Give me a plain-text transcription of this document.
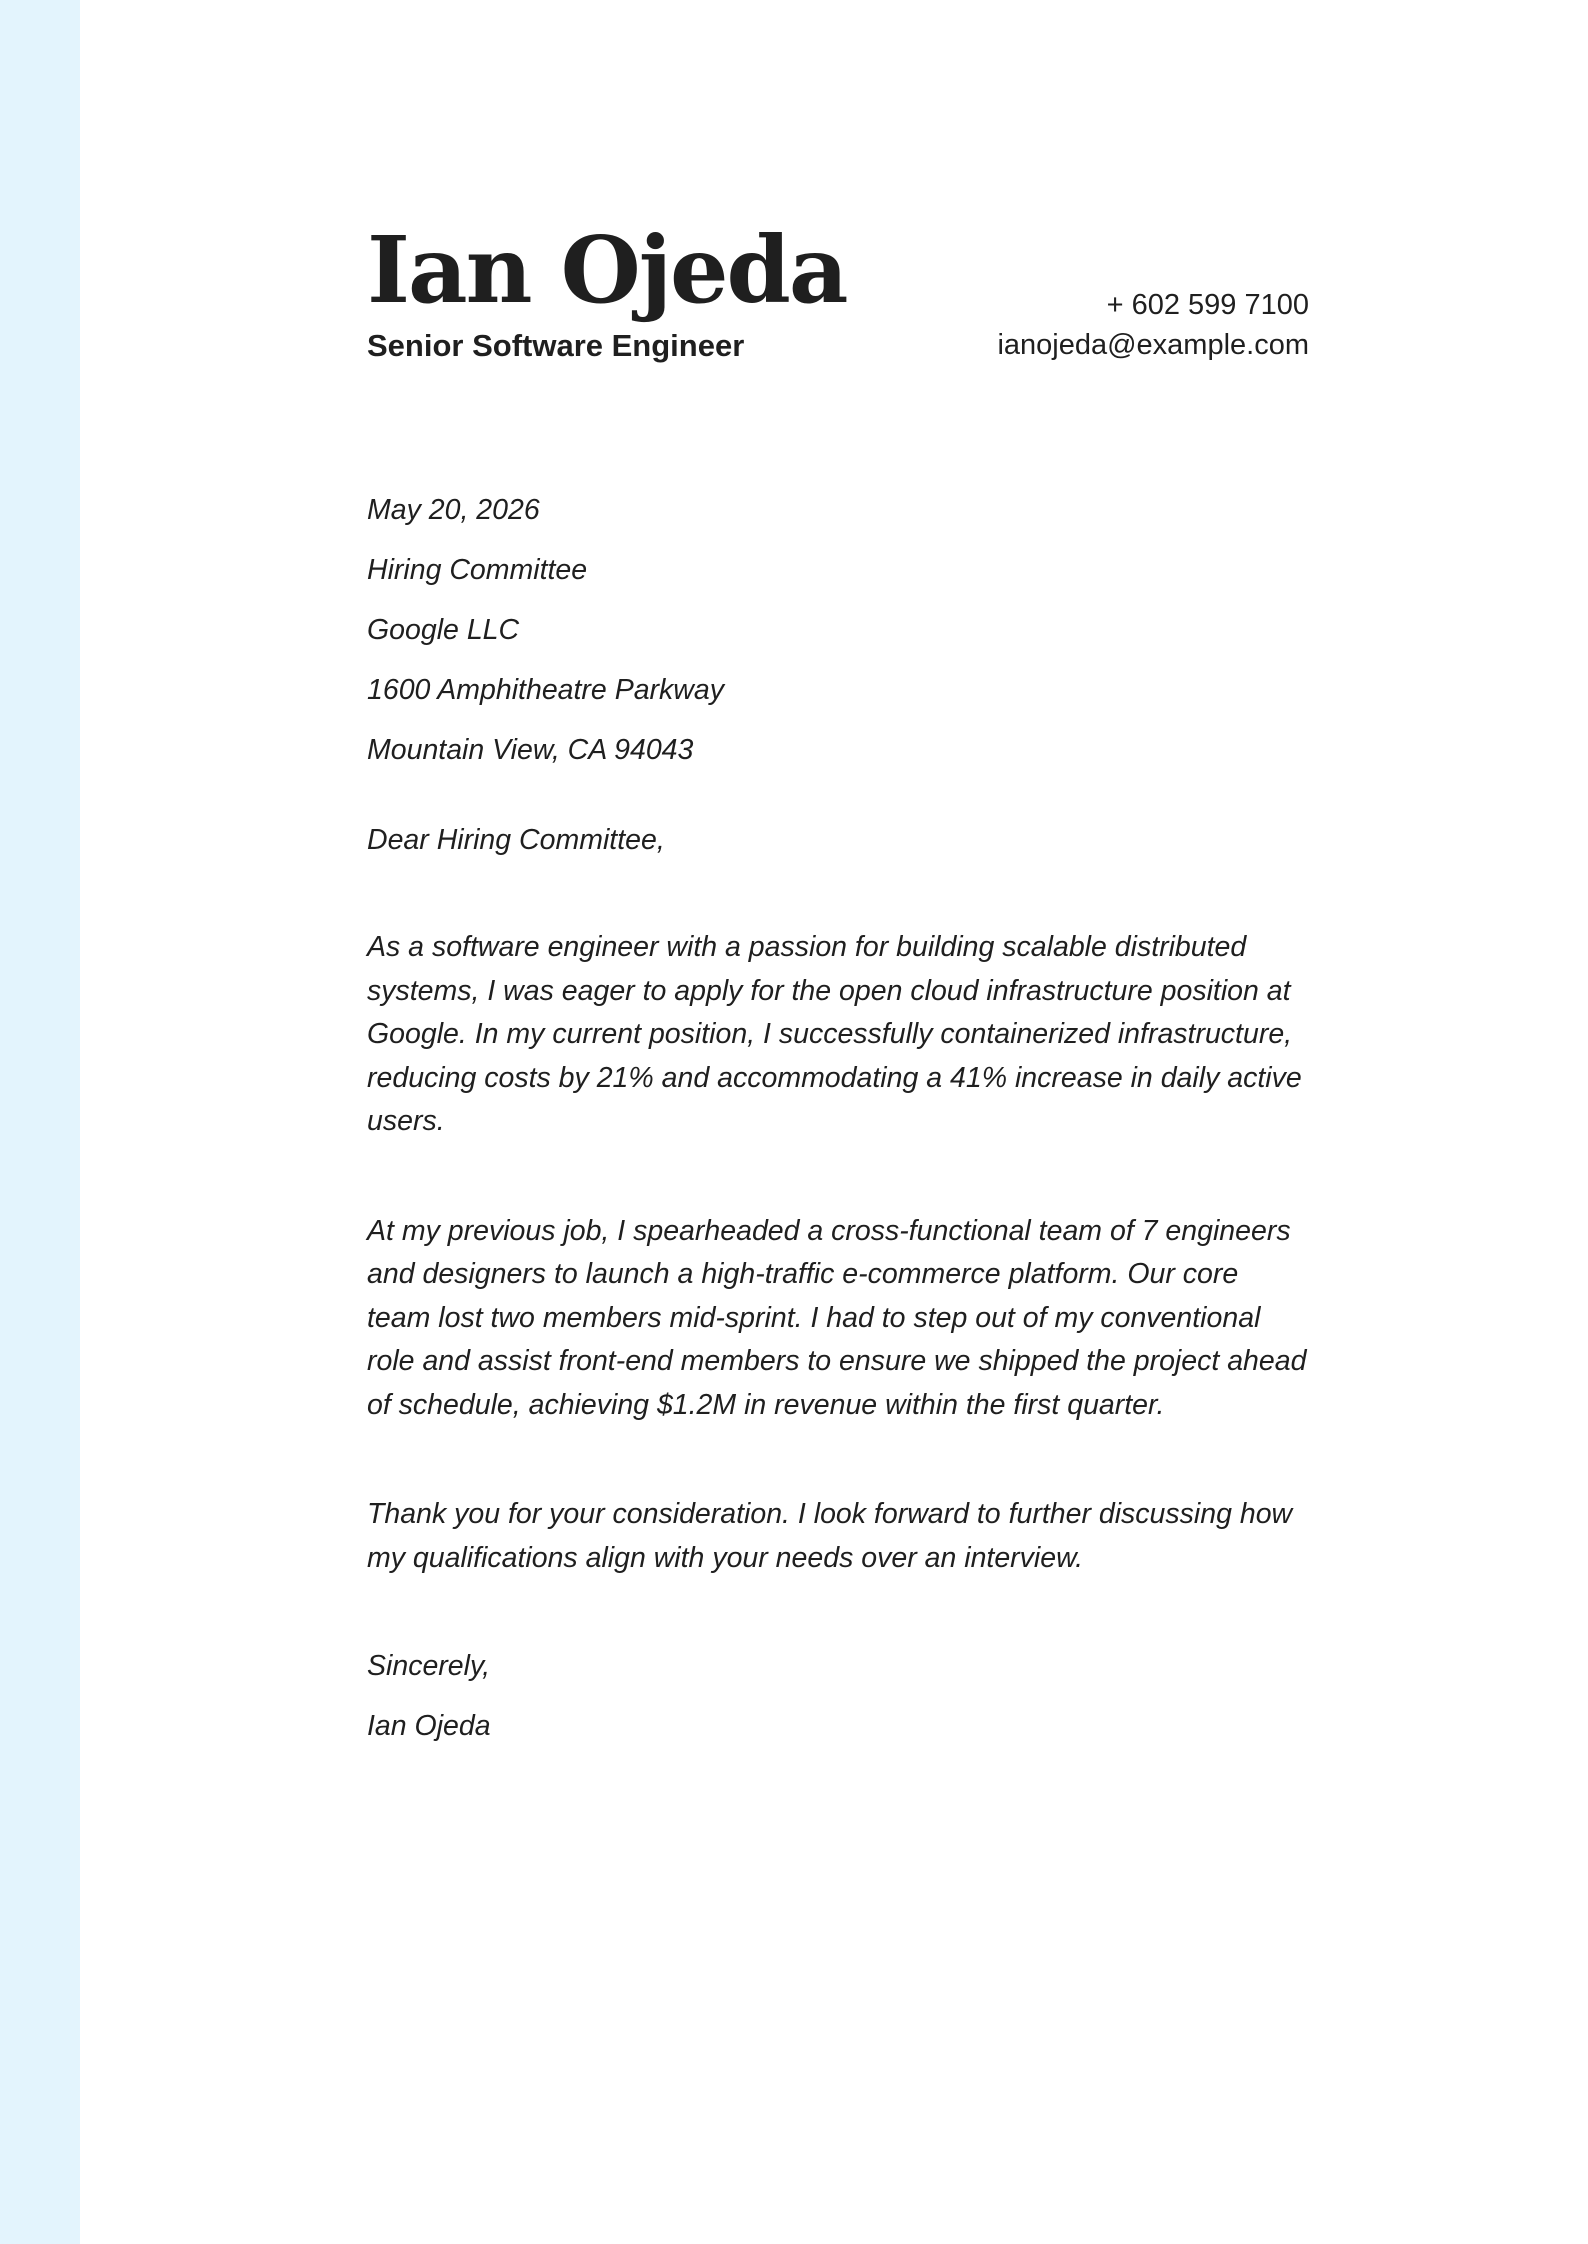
Ian Ojeda
Senior Software Engineer
+ 602 599 7100
ianojeda@example.com
May 20, 2026
Hiring Committee
Google LLC
1600 Amphitheatre Parkway
Mountain View, CA 94043
Dear Hiring Committee,

As a software engineer with a passion for building scalable distributed systems, I was eager to apply for the open cloud infrastructure position at Google. In my current position, I successfully containerized infrastructure, reducing costs by 21% and accommodating a 41% increase in daily active users.

At my previous job, I spearheaded a cross-functional team of 7 engineers and designers to launch a high-traffic e-commerce platform. Our core team lost two members mid-sprint. I had to step out of my conventional role and assist front-end members to ensure we shipped the project ahead of schedule, achieving $1.2M in revenue within the first quarter.

Thank you for your consideration. I look forward to further discussing how my qualifications align with your needs over an interview.

Sincerely,
Ian Ojeda
